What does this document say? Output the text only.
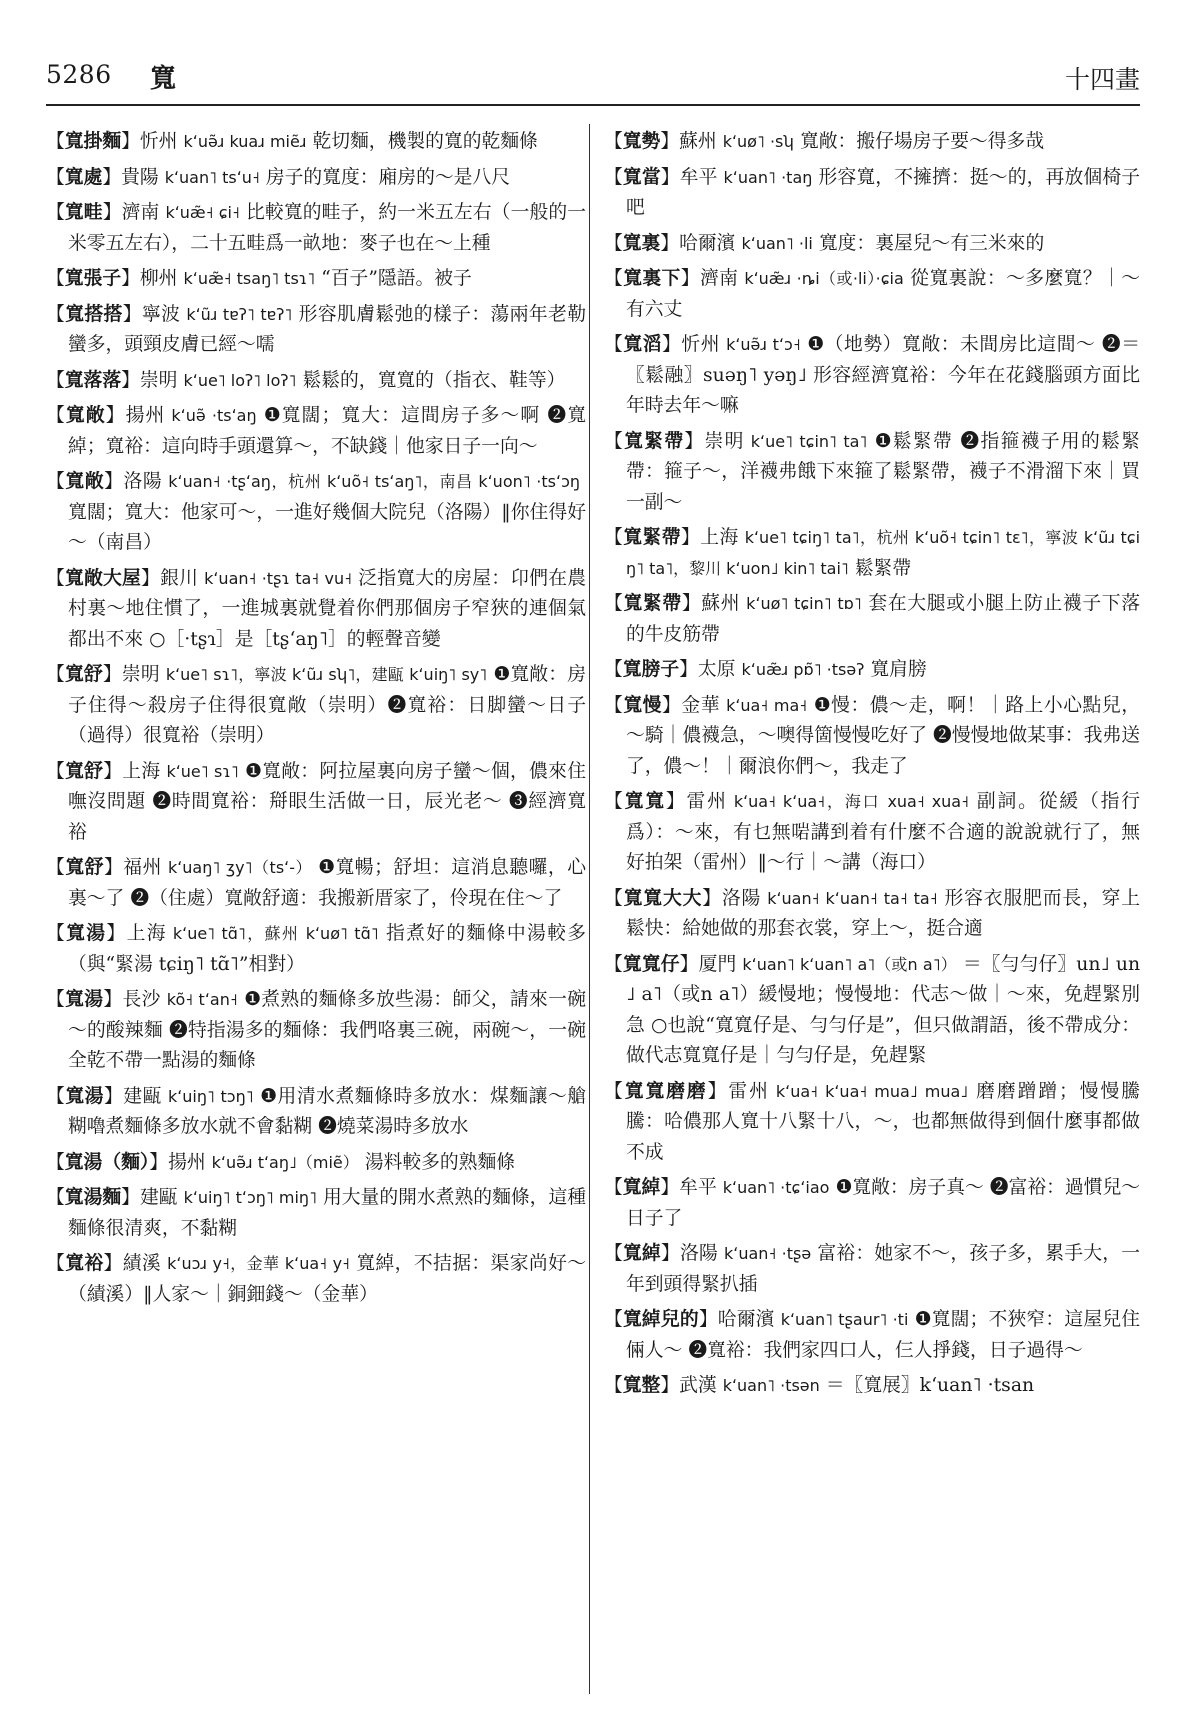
5286 寬	十四畫

【 寬掛麵 】 忻州 kʻuə̃ɹ kuaɹ miẽɹ 乾切麵，機製的寬的乾麵條

【 寬處 】 貴陽 kʻuan˥ tsʻu˧ 房子的寬度：廂房的～是八尺

【 寬畦 】 濟南 kʻuæ̃˧ ɕi˧ 比較寬的畦子，約一米五左右（一般的一米零五左右），二十五畦爲一畝地：麥子也在～上種

【 寬張子 】 柳州 kʻuæ̃˧ tsaŋ˥ tsɿ˥ “百子”隱語。被子

【 寬搭搭 】 寧波 kʻũɹ tɐʔ˥ tɐʔ˥ 形容肌膚鬆弛的樣子：蕩兩年老勒蠻多，頭頸皮膚已經～嚅

【 寬落落 】 崇明 kʻue˥ loʔ˥ loʔ˥ 鬆鬆的，寬寬的（指衣、鞋等）

【 寬敞 】 揚州 kʻuə̃ ·tsʻaŋ ❶寬闊；寬大：這間房子多～啊 ❷寬綽；寬裕：這向時手頭還算～，不缺錢｜他家日子一向～

【 寬敞 】 洛陽 kʻuan˧ ·tʂʻaŋ，杭州 kʻuõ˧ tsʻaŋ˥，南昌 kʻuon˥ ·tsʻɔŋ寬闊；寬大：他家可～，一進好幾個大院兒（洛陽）‖你住得好～（南昌）

【 寬敞大屋 】 銀川 kʻuan˧ ·tʂɿ ta˧ vu˧ 泛指寬大的房屋：卬們在農村裏～地住慣了，一進城裏就覺着你們那個房子窄狹的連個氣都出不來 ○［·tʂɿ］是［tʂʻaŋ˥］的輕聲音變

【 寬舒 】 崇明 kʻue˥ sɿ˥，寧波 kʻũɹ sʮ˥，建甌 kʻuiŋ˥ sy˥ ❶寬敞：房子住得～殺房子住得很寬敞（崇明）❷寬裕：日脚蠻～日子（過得）很寬裕（崇明）

【 寬舒 】 上海 kʻue˥ sɿ˥ ❶寬敞：阿拉屋裏向房子蠻～個，儂來住嘸沒問題 ❷時間寬裕：搿眼生活做一日，辰光老～ ❸經濟寬裕

【 寬舒 】 福州 kʻuaŋ˥ ʒy˥（tsʻ-） ❶寬暢；舒坦：這消息聽囉，心裏～了 ❷（住處）寬敞舒適：我搬新厝家了，伶現在住～了

【 寬湯 】 上海 kʻue˥ tɑ̃˥，蘇州 kʻuø˥ tɑ̃˥ 指煮好的麵條中湯較多（與“緊湯 tɕiŋ˥ tɑ̃˥”相對）

【 寬湯 】 長沙 kõ˧ tʻan˧ ❶煮熟的麵條多放些湯：師父，請來一碗～的酸辣麵 ❷特指湯多的麵條：我們咯裏三碗，兩碗～，一碗全乾不帶一點湯的麵條

【 寬湯 】 建甌 kʻuiŋ˥ tɔŋ˥ ❶用清水煮麵條時多放水：煤麵讓～艙糊嚕煮麵條多放水就不會黏糊 ❷燒菜湯時多放水

【 寬湯（麵） 】 揚州 kʻuə̃ɹ tʻaŋ˩（miẽ） 湯料較多的熟麵條

【 寬湯麵 】 建甌 kʻuiŋ˥ tʻɔŋ˥ miŋ˥ 用大量的開水煮熟的麵條，這種麵條很清爽，不黏糊

【 寬裕 】 績溪 kʻuɔɹ y˧，金華 kʻua˧ y˧ 寬綽，不拮据：渠家尚好～（績溪）‖人家～｜銅鈿錢～（金華）

【 寬勢 】 蘇州 kʻuø˥ ·sʮ 寬敞：搬仔場房子要～得多哉

【 寬當 】 牟平 kʻuan˥ ·taŋ 形容寬，不擁擠：挺～的，再放個椅子吧

【 寬裏 】 哈爾濱 kʻuan˥ ·li 寬度：裏屋兒～有三米來的

【 寬裏下 】 濟南 kʻuæ̃ɹ ·ȵi（或·li）·ɕia 從寬裏說：～多麼寬？｜～有六丈

【 寬滔 】 忻州 kʻuə̃ɹ tʻɔ˧ ❶（地勢）寬敞：未間房比這間～ ❷＝〖鬆融〗suəŋ˥ yəŋ˩ 形容經濟寬裕：今年在花錢腦頭方面比年時去年～嘛

【 寬緊帶 】 崇明 kʻue˥ tɕin˥ ta˥ ❶鬆緊帶 ❷指箍襪子用的鬆緊帶：箍子～，洋襪弗餓下來箍了鬆緊帶，襪子不滑溜下來｜買一副～

【 寬緊帶 】 上海 kʻue˥ tɕiŋ˥ ta˥，杭州 kʻuõ˧ tɕin˥ tɛ˥，寧波 kʻũɹ tɕiŋ˥ ta˥，黎川 kʻuon˩ kin˥ tai˥ 鬆緊帶

【 寬緊帶 】 蘇州 kʻuø˥ tɕin˥ tɒ˥ 套在大腿或小腿上防止襪子下落的牛皮筋帶

【 寬膀子 】 太原 kʻuæ̃ɹ pɒ̃˥ ·tsəʔ 寬肩膀

【 寬慢 】 金華 kʻua˧ ma˧ ❶慢：儂～走，啊！｜路上小心點兒，～騎｜儂襪急，～噢得箇慢慢吃好了 ❷慢慢地做某事：我弗送了，儂～！｜爾浪你們～，我走了

【 寬寬 】 雷州 kʻua˧ kʻua˧，海口 xua˧ xua˧ 副詞。從緩（指行爲）：～來，有乜無啱講到着有什麼不合適的說說就行了，無好拍架（雷州）‖～行｜～講（海口）

【 寬寬大大 】 洛陽 kʻuan˧ kʻuan˧ ta˧ ta˧ 形容衣服肥而長，穿上鬆快：給她做的那套衣裳，穿上～，挺合適

【 寬寬仔 】 厦門 kʻuan˥ kʻuan˥ a˥（或n a˥） ＝〖勻勻仔〗un˩ un˩ a˥（或n a˥）緩慢地；慢慢地：代志～做｜～來，免趕緊別急 ○也說“寬寬仔是、勻勻仔是”，但只做謂語，後不帶成分：做代志寬寬仔是｜勻勻仔是，免趕緊

【 寬寬磨磨 】 雷州 kʻua˧ kʻua˧ mua˩ mua˩ 磨磨蹭蹭；慢慢騰騰：哈儂那人寬十八緊十八，～，也都無做得到個什麼事都做不成

【 寬綽 】 牟平 kʻuan˥ ·tɕʻiao ❶寬敞：房子真～ ❷富裕：過慣兒～日子了

【 寬綽 】 洛陽 kʻuan˧ ·tʂə 富裕：她家不～，孩子多，累手大，一年到頭得緊扒插

【 寬綽兒的 】 哈爾濱 kʻuan˥ tʂaur˥ ·ti ❶寬闊；不狹窄：這屋兒住倆人～ ❷寬裕：我們家四口人，仨人掙錢，日子過得～

【 寬整 】 武漢 kʻuan˥ ·tsən ＝〖寬展〗kʻuan˥ ·tsan
